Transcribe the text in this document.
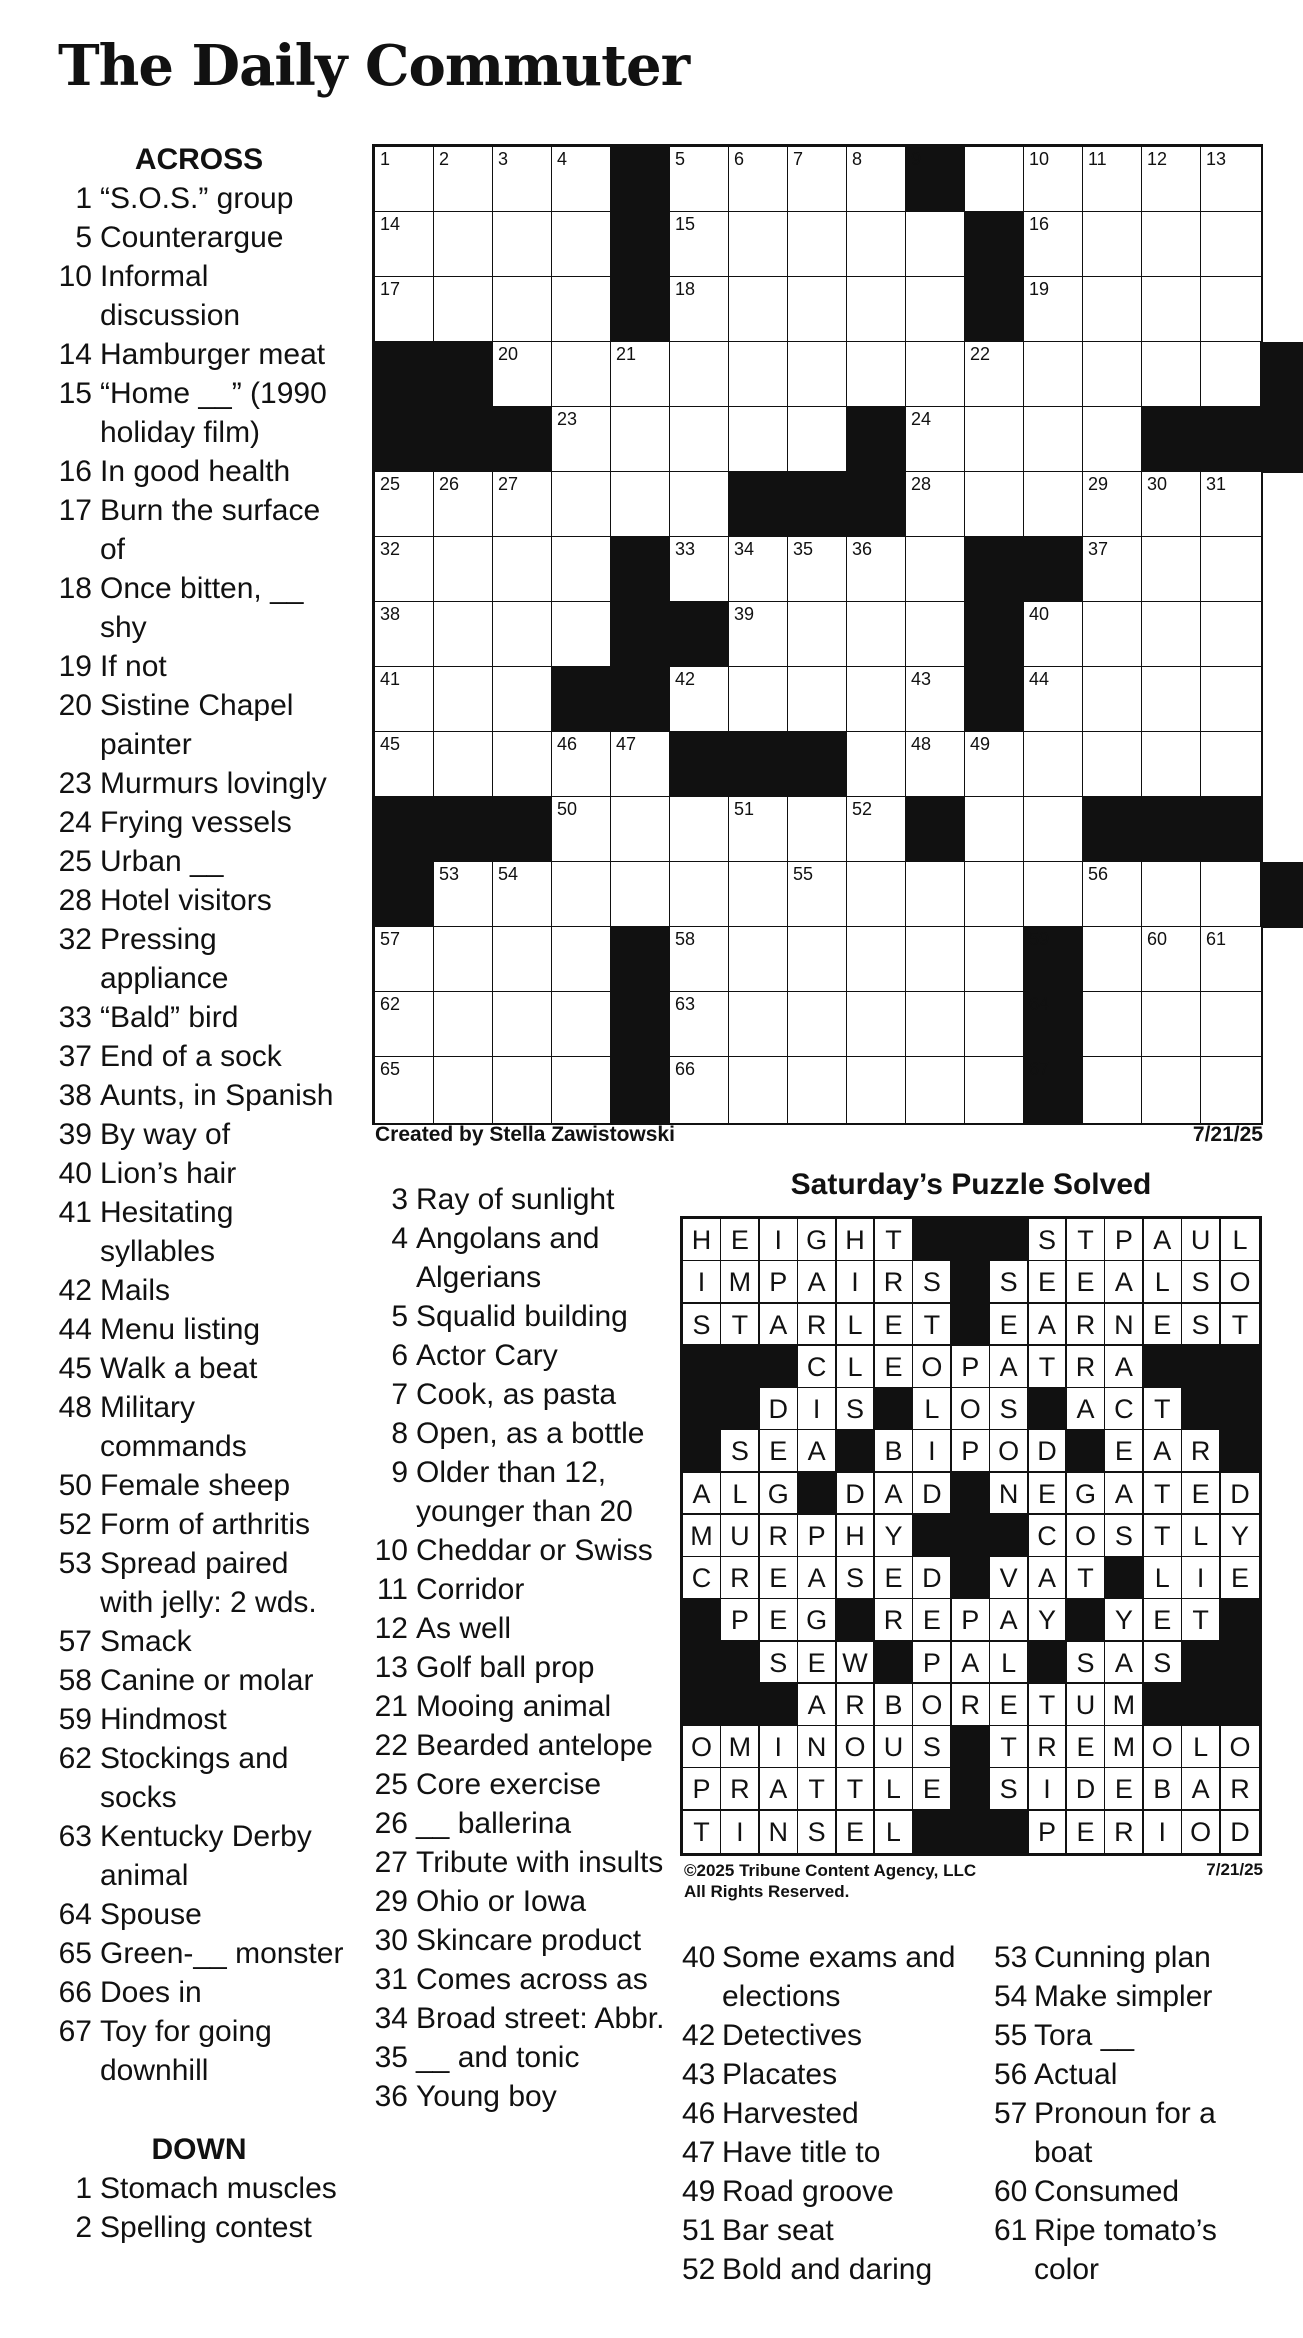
The Daily Commuter
ACROSS
1 “S.O.S.” group
5 Counterargue
10 Informal discussion
14 Hamburger meat
15 “Home __” (1990 holiday film)
16 In good health
17 Burn the surface of
18 Once bitten, __ shy
19 If not
20 Sistine Chapel painter
23 Murmurs lovingly
24 Frying vessels
25 Urban __
28 Hotel visitors
32 Pressing appliance
33 “Bald” bird
37 End of a sock
38 Aunts, in Spanish
39 By way of
40 Lion’s hair
41 Hesitating syllables
42 Mails
44 Menu listing
45 Walk a beat
48 Military commands
50 Female sheep
52 Form of arthritis
53 Spread paired with jelly: 2 wds.
57 Smack
58 Canine or molar
59 Hindmost
62 Stockings and socks
63 Kentucky Derby animal
64 Spouse
65 Green-__ monster
66 Does in
67 Toy for going downhill
DOWN
1 Stomach muscles
2 Spelling contest
1	2	3	4	5	6	7	8	9	10 11 12 13
14	15	16
17	18	19
20	21	22
23	24
25 26 27	28	29 30 31
32	33 34 35 36	37
38	39	40
41	42	43	44
45	46 47	48 49
50	51	52
53 54	55	56
57	58	59	60 61
62	63	64
65	66	67
Created by Stella Zawistowski	7/21/25
3 Ray of sunlight
4 Angolans and Algerians
5 Squalid building
6 Actor Cary
7 Cook, as pasta
8 Open, as a bottle
9 Older than 12, younger than 20
10 Cheddar or Swiss
11 Corridor
12 As well
13 Golf ball prop
21 Mooing animal
22 Bearded antelope
25 Core exercise
26 __ ballerina
27 Tribute with insults
29 Ohio or Iowa
30 Skincare product
31 Comes across as
34 Broad street: Abbr.
35 __ and tonic
36 Young boy
40 Some exams and elections
42 Detectives
43 Placates
46 Harvested
47 Have title to
49 Road groove
51 Bar seat
52 Bold and daring
53 Cunning plan
54 Make simpler
55 Tora __
56 Actual
57 Pronoun for a boat
60 Consumed
61 Ripe tomato’s color
Saturday’s Puzzle Solved
H E I G H T	S T P A U L
I M P A I R S	S E E A L S O
S T A R L E T	E A R N E S T
C L E O P A T R A
D I S	L O S	A C T
S E A	B I P O D	E A R
A L G	D A D	N E G A T E D
M U R P H Y	C O S T L Y
C R E A S E D	V A T	L	I E
P E G	R E P A Y	Y E T
S E W	P A L	S A S
A R B O R E T U M
O M I N O U S	T R E M O L O
P R A T T L E	S I D E B A R
T I N S E L	P E R I O D
©2025 Tribune Content Agency, LLC
All Rights Reserved.
7/21/25
